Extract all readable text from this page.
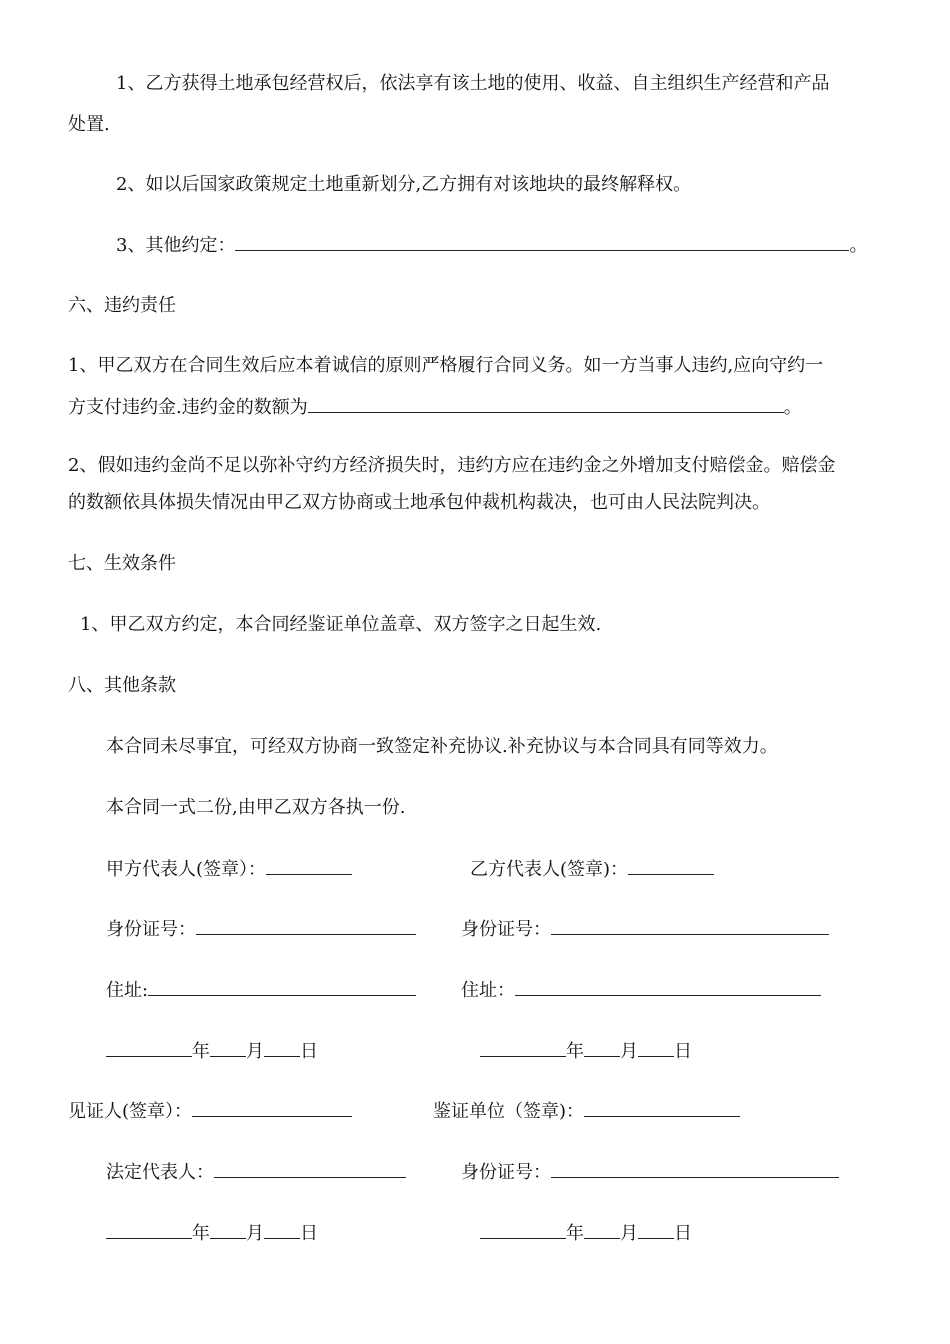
1、乙方获得土地承包经营权后，依法享有该土地的使用、收益、自主组织生产经营和产品
处置.
2、如以后国家政策规定土地重新划分,乙方拥有对该地块的最终解释权。
3、其他约定：	。
六、违约责任
1、甲乙双方在合同生效后应本着诚信的原则严格履行合同义务。如一方当事人违约,应向守约一
方支付违约金.违约金的数额为	。
2、假如违约金尚不足以弥补守约方经济损失时，违约方应在违约金之外增加支付赔偿金。赔偿金
的数额依具体损失情况由甲乙双方协商或土地承包仲裁机构裁决，也可由人民法院判决。
七、生效条件
1、甲乙双方约定，本合同经鉴证单位盖章、双方签字之日起生效.
八、其他条款
本合同未尽事宜，可经双方协商一致签定补充协议.补充协议与本合同具有同等效力。
本合同一式二份,由甲乙双方各执一份.
甲方代表人(签章）：	乙方代表人(签章)：
身份证号：	身份证号：
住址:	住址：
年 月 日	年 月 日
见证人(签章）：	鉴证单位（签章)：
法定代表人：	身份证号：
年 月 日	年 月 日
